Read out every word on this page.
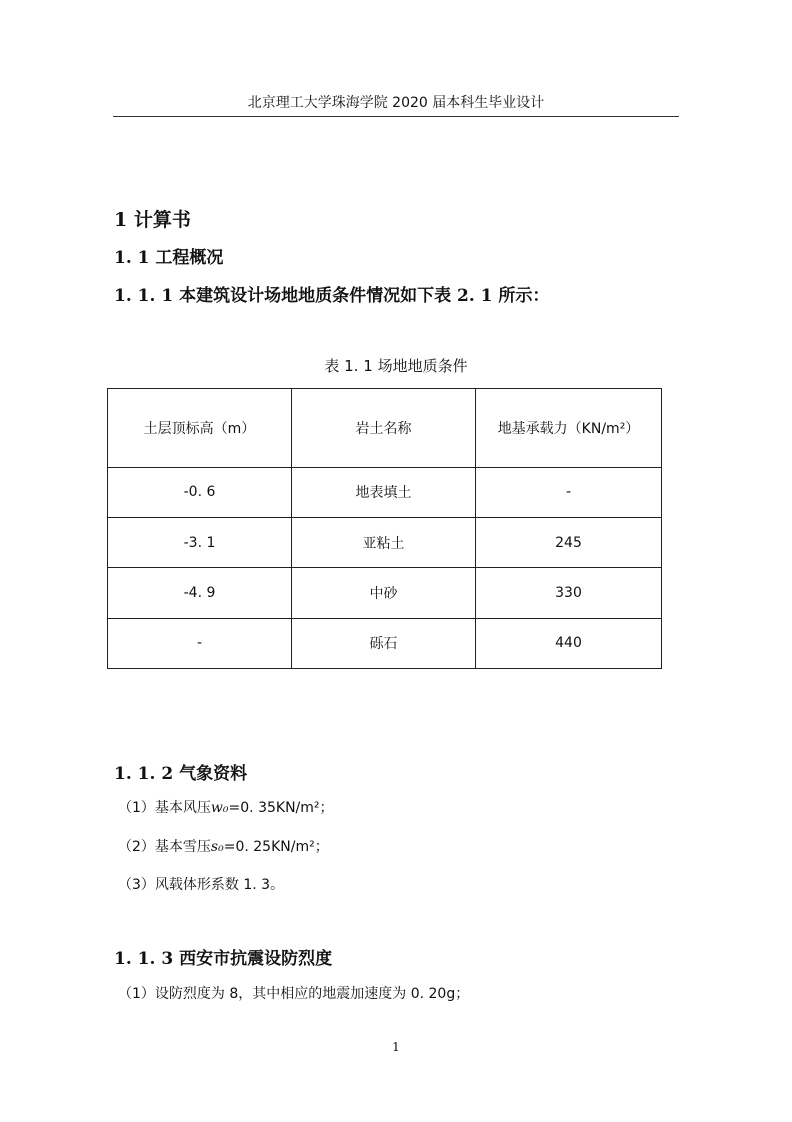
北京理工大学珠海学院 2020 届本科生毕业设计
1 计算书
1. 1 工程概况
1. 1. 1 本建筑设计场地地质条件情况如下表 2. 1 所示：
表 1. 1 场地地质条件
土层顶标高（m）	岩土名称	地基承载力（KN/m²）
-0. 6	地表填土	-
-3. 1	亚粘土	245
-4. 9	中砂	330
-	砾石	440
1. 1. 2 气象资料
（1）基本风压w₀=0. 35KN/m²；
（2）基本雪压s₀=0. 25KN/m²；
（3）风载体形系数 1. 3。
1. 1. 3 西安市抗震设防烈度
（1）设防烈度为 8，其中相应的地震加速度为 0. 20g；
1
